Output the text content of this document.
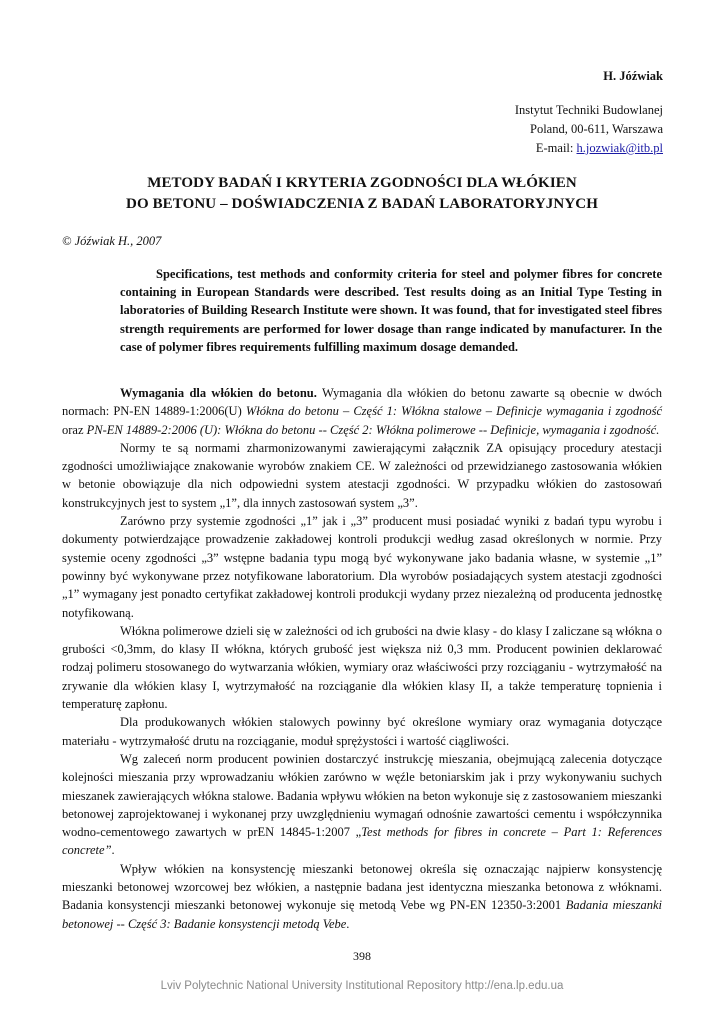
H. Jóźwiak
Instytut Techniki Budowlanej
Poland, 00-611, Warszawa
E-mail: h.jozwiak@itb.pl
METODY BADAŃ I KRYTERIA ZGODNOŚCI DLA WŁÓKIEN
DO BETONU – DOŚWIADCZENIA Z BADAŃ LABORATORYJNYCH
© Jóźwiak H., 2007

Specifications, test methods and conformity criteria for steel and polymer fibres for concrete containing in European Standards were described. Test results doing as an Initial Type Testing in laboratories of Building Research Institute were shown. It was found, that for investigated steel fibres strength requirements are performed for lower dosage than range indicated by manufacturer. In the case of polymer fibres requirements fulfilling maximum dosage demanded.

Wymagania dla włókien do betonu. Wymagania dla włókien do betonu zawarte są obecnie w dwóch normach: PN-EN 14889-1:2006(U) Włókna do betonu – Część 1: Włókna stalowe – Definicje wymagania i zgodność oraz PN-EN 14889-2:2006 (U): Włókna do betonu -- Część 2: Włókna polimerowe -- Definicje, wymagania i zgodność.

Normy te są normami zharmonizowanymi zawierającymi załącznik ZA opisujący procedury atestacji zgodności umożliwiające znakowanie wyrobów znakiem CE. W zależności od przewidzianego zastosowania włókien w betonie obowiązuje dla nich odpowiedni system atestacji zgodności. W przypadku włókien do zastosowań konstrukcyjnych jest to system „1”, dla innych zastosowań system „3”.

Zarówno przy systemie zgodności „1” jak i „3” producent musi posiadać wyniki z badań typu wyrobu i dokumenty potwierdzające prowadzenie zakładowej kontroli produkcji według zasad określonych w normie. Przy systemie oceny zgodności „3” wstępne badania typu mogą być wykonywane jako badania własne, w systemie „1” powinny być wykonywane przez notyfikowane laboratorium. Dla wyrobów posiadających system atestacji zgodności „1” wymagany jest ponadto certyfikat zakładowej kontroli produkcji wydany przez niezależną od producenta jednostkę notyfikowaną.

Włókna polimerowe dzieli się w zależności od ich grubości na dwie klasy - do klasy I zaliczane są włókna o grubości <0,3mm, do klasy II włókna, których grubość jest większa niż 0,3 mm. Producent powinien deklarować rodzaj polimeru stosowanego do wytwarzania włókien, wymiary oraz właściwości przy rozciąganiu - wytrzymałość na zrywanie dla włókien klasy I, wytrzymałość na rozciąganie dla włókien klasy II, a także temperaturę topnienia i temperaturę zapłonu.

Dla produkowanych włókien stalowych powinny być określone wymiary oraz wymagania dotyczące materiału - wytrzymałość drutu na rozciąganie, moduł sprężystości i wartość ciągliwości.

Wg zaleceń norm producent powinien dostarczyć instrukcję mieszania, obejmującą zalecenia dotyczące kolejności mieszania przy wprowadzaniu włókien zarówno w węźle betoniarskim jak i przy wykonywaniu suchych mieszanek zawierających włókna stalowe. Badania wpływu włókien na beton wykonuje się z zastosowaniem mieszanki betonowej zaprojektowanej i wykonanej przy uwzględnieniu wymagań odnośnie zawartości cementu i współczynnika wodno-cementowego zawartych w prEN 14845-1:2007 „Test methods for fibres in concrete – Part 1: References concrete”.

Wpływ włókien na konsystencję mieszanki betonowej określa się oznaczając najpierw konsystencję mieszanki betonowej wzorcowej bez włókien, a następnie badana jest identyczna mieszanka betonowa z włóknami. Badania konsystencji mieszanki betonowej wykonuje się metodą Vebe wg PN-EN 12350-3:2001 Badania mieszanki betonowej -- Część 3: Badanie konsystencji metodą Vebe.

398
Lviv Polytechnic National University Institutional Repository http://ena.lp.edu.ua
